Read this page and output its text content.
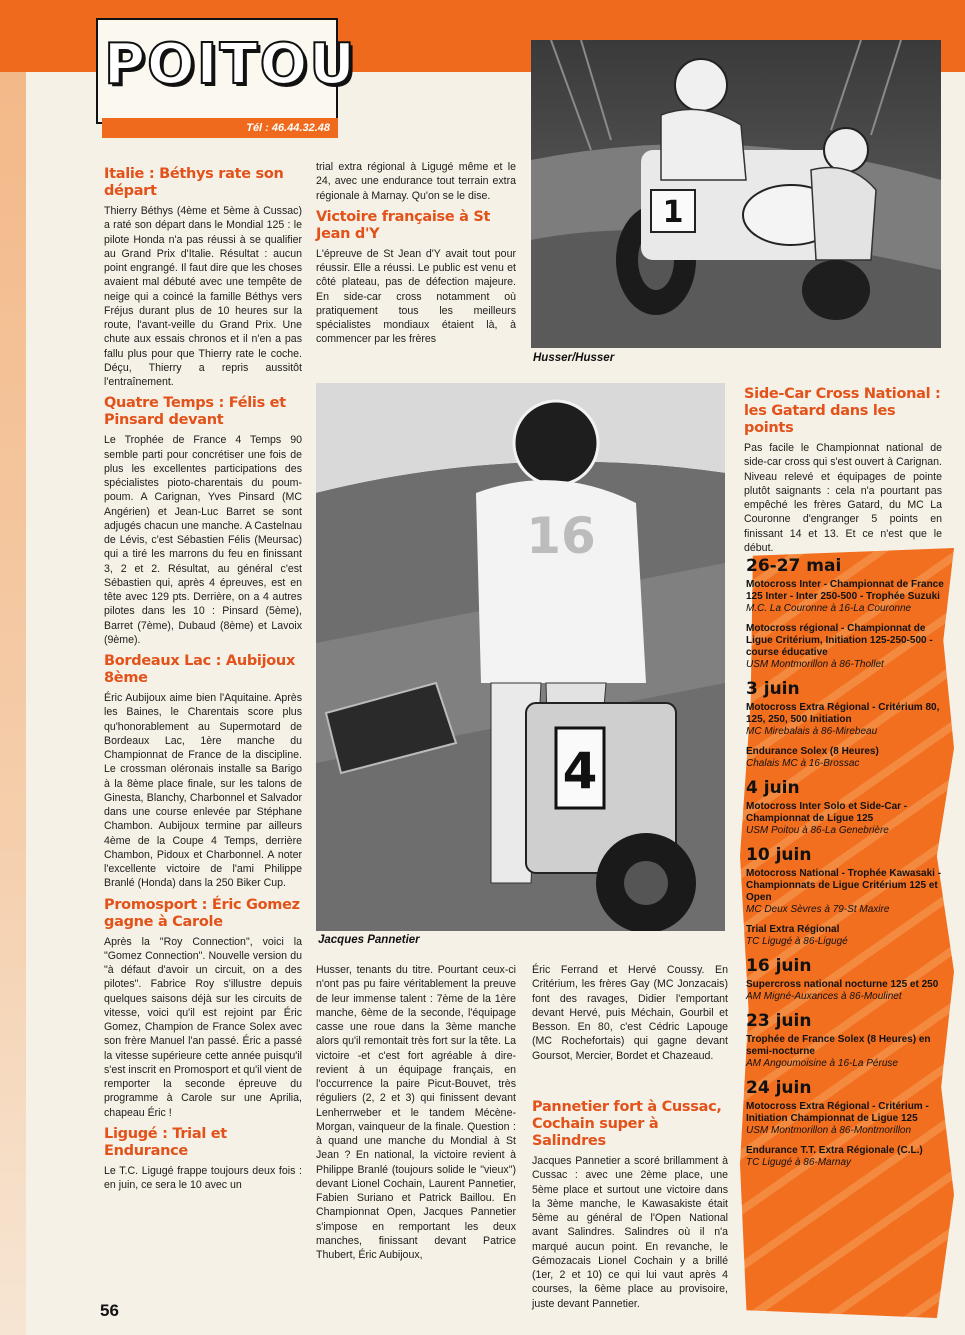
POITOU
Tél : 46.44.32.48
Italie : Béthys rate son départ

Thierry Béthys (4ème et 5ème à Cussac) a raté son départ dans le Mondial 125 : le pilote Honda n'a pas réussi à se qualifier au Grand Prix d'Italie. Résultat : aucun point engrangé. Il faut dire que les choses avaient mal débuté avec une tempête de neige qui a coincé la famille Béthys vers Fréjus durant plus de 10 heures sur la route, l'avant-veille du Grand Prix. Une chute aux essais chronos et il n'en a pas fallu plus pour que Thierry rate le coche. Déçu, Thierry a repris aussitôt l'entraînement.

Quatre Temps : Félis et Pinsard devant

Le Trophée de France 4 Temps 90 semble parti pour concrétiser une fois de plus les excellentes participations des spécialistes pioto-charentais du poum-poum. A Carignan, Yves Pinsard (MC Angérien) et Jean-Luc Barret se sont adjugés chacun une manche. A Castelnau de Lévis, c'est Sébastien Félis (Meursac) qui a tiré les marrons du feu en finissant 3, 2 et 2. Résultat, au général c'est Sébastien qui, après 4 épreuves, est en tête avec 129 pts. Derrière, on a 4 autres pilotes dans les 10 : Pinsard (5ème), Barret (7ème), Dubaud (8ème) et Lavoix (9ème).

Bordeaux Lac : Aubijoux 8ème

Éric Aubijoux aime bien l'Aquitaine. Après les Baines, le Charentais score plus qu'honorablement au Supermotard de Bordeaux Lac, 1ère manche du Championnat de France de la discipline. Le crossman oléronais installe sa Barigo à la 8ème place finale, sur les talons de Ginesta, Blanchy, Charbonnel et Salvador dans une course enlevée par Stéphane Chambon. Aubijoux termine par ailleurs 4ème de la Coupe 4 Temps, derrière Chambon, Pidoux et Charbonnel. A noter l'excellente victoire de l'ami Philippe Branlé (Honda) dans la 250 Biker Cup.

Promosport : Éric Gomez gagne à Carole

Après la "Roy Connection", voici la "Gomez Connection". Nouvelle version du "à défaut d'avoir un circuit, on a des pilotes". Fabrice Roy s'illustre depuis quelques saisons déjà sur les circuits de vitesse, voici qu'il est rejoint par Éric Gomez, Champion de France Solex avec son frère Manuel l'an passé. Éric a passé la vitesse supérieure cette année puisqu'il s'est inscrit en Promosport et qu'il vient de remporter la seconde épreuve du programme à Carole sur une Aprilia, chapeau Éric !

Ligugé : Trial et Endurance

Le T.C. Ligugé frappe toujours deux fois : en juin, ce sera le 10 avec un

trial extra régional à Ligugé même et le 24, avec une endurance tout terrain extra régionale à Marnay. Qu'on se le dise.

Victoire française à St Jean d'Y

L'épreuve de St Jean d'Y avait tout pour réussir. Elle a réussi. Le public est venu et côté plateau, pas de défection majeure. En side-car cross notamment où pratiquement tous les meilleurs spécialistes mondiaux étaient là, à commencer par les frères

1
Husser/Husser
16
4
Jacques Pannetier

Husser, tenants du titre. Pourtant ceux-ci n'ont pas pu faire véritablement la preuve de leur immense talent : 7ème de la 1ère manche, 6ème de la seconde, l'équipage casse une roue dans la 3ème manche alors qu'il remontait très fort sur la tête. La victoire -et c'est fort agréable à dire- revient à un équipage français, en l'occurrence la paire Picut-Bouvet, très réguliers (2, 2 et 3) qui finissent devant Lenherrweber et le tandem Mécène-Morgan, vainqueur de la finale. Question : à quand une manche du Mondial à St Jean ? En national, la victoire revient à Philippe Branlé (toujours solide le "vieux") devant Lionel Cochain, Laurent Pannetier, Fabien Suriano et Patrick Baillou. En Championnat Open, Jacques Pannetier s'impose en remportant les deux manches, finissant devant Patrice Thubert, Éric Aubijoux,

Éric Ferrand et Hervé Coussy. En Critérium, les frères Gay (MC Jonzacais) font des ravages, Didier l'emportant devant Hervé, puis Méchain, Gourbil et Besson. En 80, c'est Cédric Lapouge (MC Rochefortais) qui gagne devant Goursot, Mercier, Bordet et Chazeaud.

Pannetier fort à Cussac, Cochain super à Salindres

Jacques Pannetier a scoré brillamment à Cussac : avec une 2ème place, une 5ème place et surtout une victoire dans la 3ème manche, le Kawasakiste était 5ème au général de l'Open National avant Salindres. Salindres où il n'a marqué aucun point. En revanche, le Gémozacais Lionel Cochain y a brillé (1er, 2 et 10) ce qui lui vaut après 4 courses, la 6ème place au provisoire, juste devant Pannetier.

Side-Car Cross National : les Gatard dans les points

Pas facile le Championnat national de side-car cross qui s'est ouvert à Carignan. Niveau relevé et équipages de pointe plutôt saignants : cela n'a pourtant pas empêché les frères Gatard, du MC La Couronne d'engranger 5 points en finissant 14 et 13. Et ce n'est que le début.

26-27 mai
Motocross Inter - Championnat de France 125 Inter - Inter 250-500 - Trophée Suzuki
M.C. La Couronne à 16-La Couronne
Motocross régional - Championnat de Ligue Critérium, Initiation 125-250-500 - course éducative
USM Montmorillon à 86-Thollet
3 juin
Motocross Extra Régional - Critérium 80, 125, 250, 500 Initiation
MC Mirebalais à 86-Mirebeau
Endurance Solex (8 Heures)
Chalais MC à 16-Brossac
4 juin
Motocross Inter Solo et Side-Car - Championnat de Ligue 125
USM Poitou à 86-La Genebrière
10 juin
Motocross National - Trophée Kawasaki - Championnats de Ligue Critérium 125 et Open
MC Deux Sèvres à 79-St Maxire
Trial Extra Régional
TC Ligugé à 86-Ligugé
16 juin
Supercross national nocturne 125 et 250
AM Migné-Auxances à 86-Moulinet
23 juin
Trophée de France Solex (8 Heures) en semi-nocturne
AM Angoumoisine à 16-La Péruse
24 juin
Motocross Extra Régional - Critérium - Initiation Championnat de Ligue 125
USM Montmorillon à 86-Montmorillon
Endurance T.T. Extra Régionale (C.L.)
TC Ligugé à 86-Marnay
56
